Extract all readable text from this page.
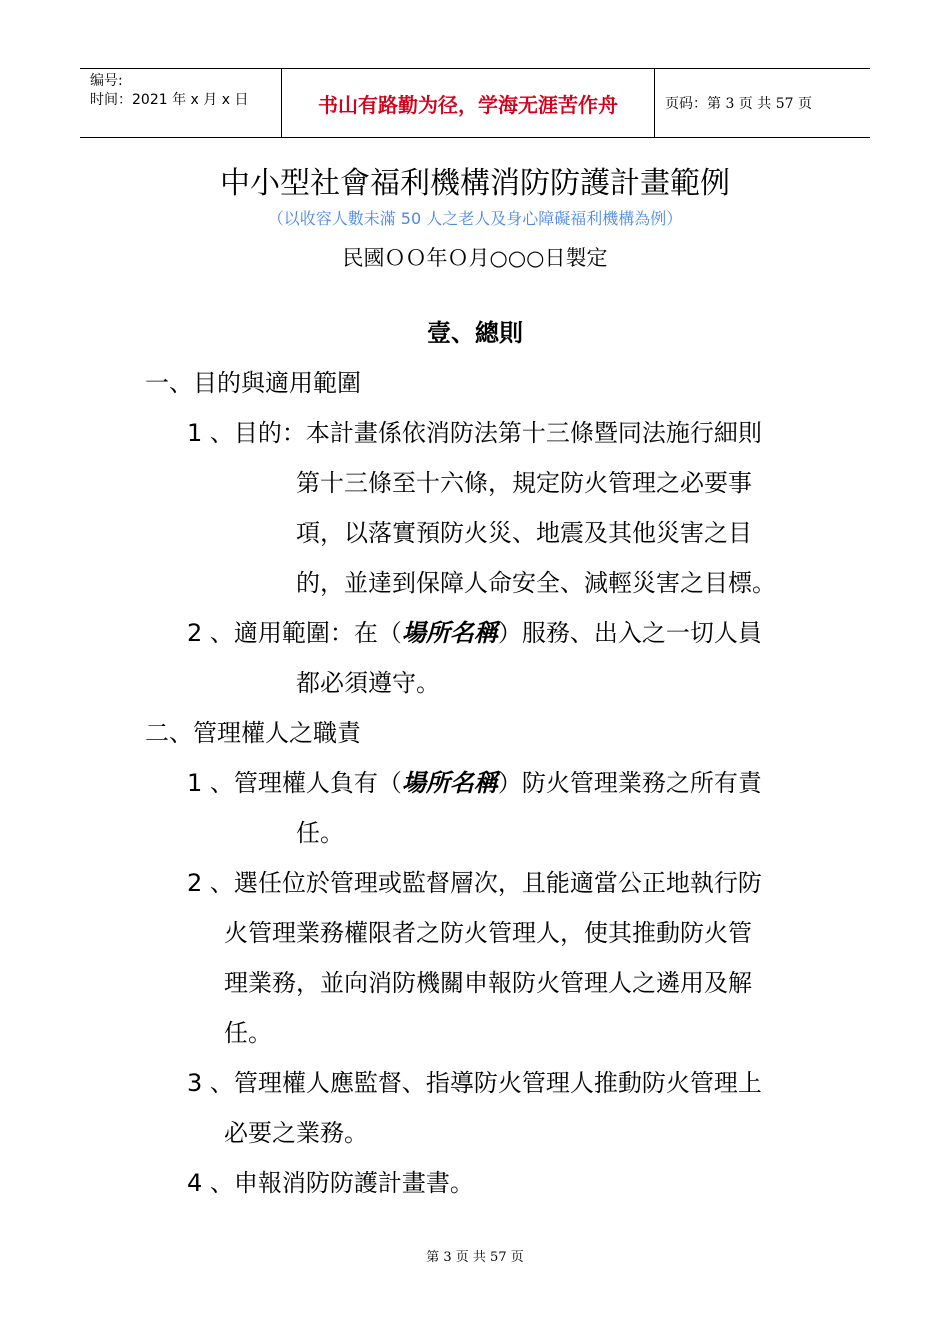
编号:
时间：2021 年 x 月 x 日	书山有路勤为径，学海无涯苦作舟	页码：第 3 页 共 57 页
中小型社會福利機構消防防護計畫範例
（以收容人數未滿 50 人之老人及身心障礙福利機構為例）
民國ＯＯ年Ｏ月○○○日製定
壹、總則
一、目的與適用範圍
1 、目的：本計畫係依消防法第十三條暨同法施行細則
第十三條至十六條，規定防火管理之必要事
項，以落實預防火災、地震及其他災害之目
的，並達到保障人命安全、減輕災害之目標。
2 、適用範圍：在（場所名稱）服務、出入之一切人員
都必須遵守。
二、管理權人之職責
1 、管理權人負有（場所名稱）防火管理業務之所有責
任。
2 、選任位於管理或監督層次，且能適當公正地執行防
火管理業務權限者之防火管理人，使其推動防火管
理業務，並向消防機關申報防火管理人之遴用及解
任。
3 、管理權人應監督、指導防火管理人推動防火管理上
必要之業務。
4 、申報消防防護計畫書。
第 3 页 共 57 页
